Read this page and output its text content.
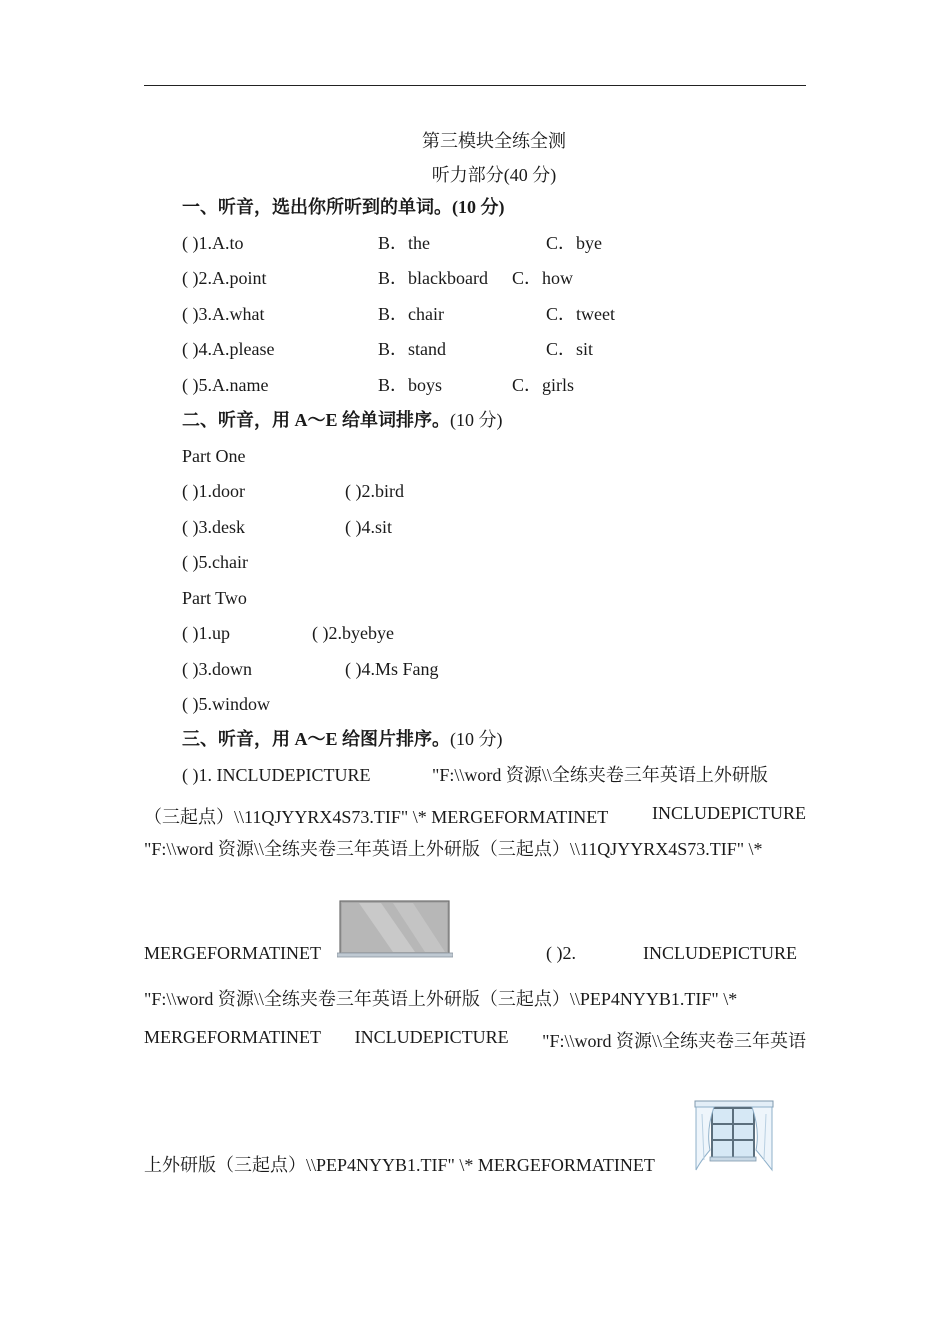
第三模块全练全测
听力部分(40 分)
一、听音，选出你所听到的单词。(10 分)
( )1.A.to	B．the	C．bye
( )2.A.point	B．blackboard C．how
( )3.A.what	B．chair	C．tweet
( )4.A.please	B．stand	C．sit
( )5.A.name	B．boys	C．girls
二、听音，用 A～E 给单词排序。(10 分)
Part One
( )1.door	( )2.bird
( )3.desk	( )4.sit
( )5.chair
Part Two
( )1.up	( )2.byebye
( )3.down	( )4.Ms Fang
( )5.window
三、听音，用 A～E 给图片排序。(10 分)
( )1. INCLUDEPICTURE	"F:\\word 资源\\全练夹卷三年英语上外研版
（三起点）\\11QJYYRX4S73.TIF" \* MERGEFORMATINET INCLUDEPICTURE
"F:\\word 资源\\全练夹卷三年英语上外研版（三起点）\\11QJYYRX4S73.TIF" \*
MERGEFORMATINET	( )2.	INCLUDEPICTURE
"F:\\word 资源\\全练夹卷三年英语上外研版（三起点）\\PEP4NYYB1.TIF" \*
MERGEFORMATINET INCLUDEPICTURE "F:\\word 资源\\全练夹卷三年英语
上外研版（三起点）\\PEP4NYYB1.TIF" \* MERGEFORMATINET
